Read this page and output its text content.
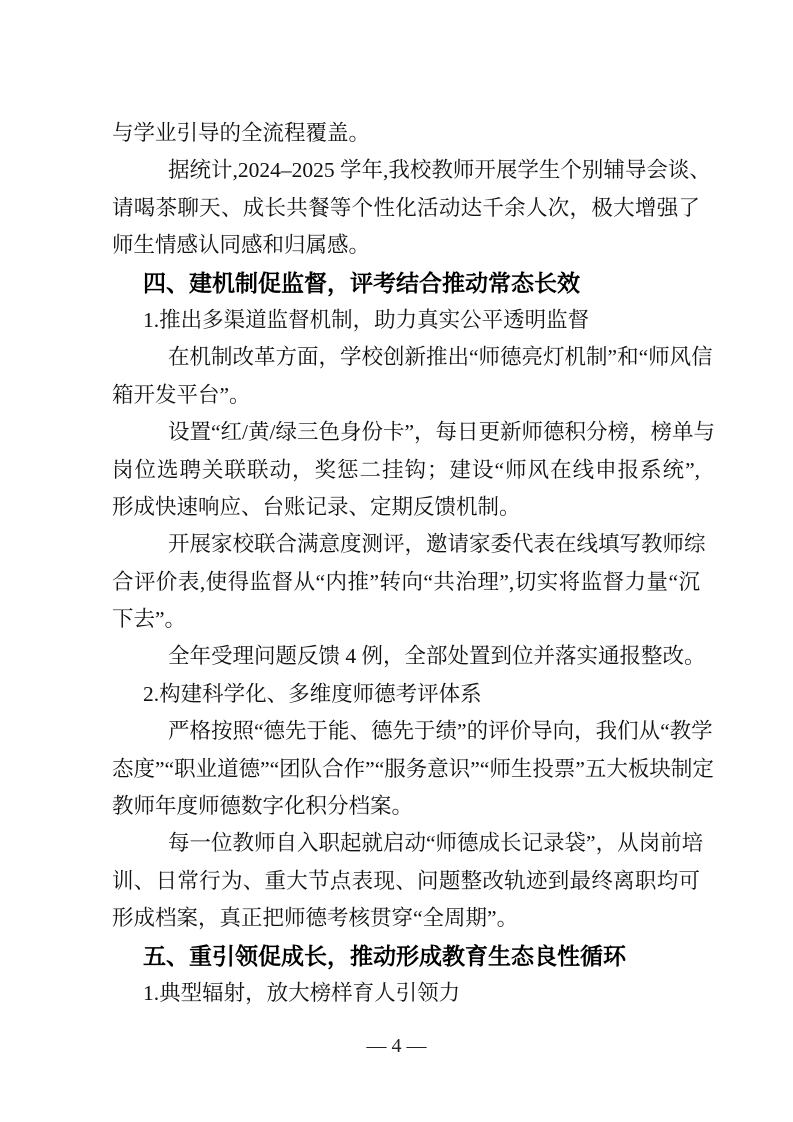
与学业引导的全流程覆盖。
据统计,2024–2025 学年,我校教师开展学生个别辅导会谈、
请喝茶聊天、成长共餐等个性化活动达千余人次，极大增强了
师生情感认同感和归属感。
四、建机制促监督，评考结合推动常态长效
1.推出多渠道监督机制，助力真实公平透明监督
在机制改革方面，学校创新推出“师德亮灯机制”和“师风信
箱开发平台”。
设置“红/黄/绿三色身份卡”，每日更新师德积分榜，榜单与
岗位选聘关联联动，奖惩二挂钩；建设“师风在线申报系统”,
形成快速响应、台账记录、定期反馈机制。
开展家校联合满意度测评，邀请家委代表在线填写教师综
合评价表,使得监督从“内推”转向“共治理”,切实将监督力量“沉
下去”。
全年受理问题反馈 4 例，全部处置到位并落实通报整改。
2.构建科学化、多维度师德考评体系
严格按照“德先于能、德先于绩”的评价导向，我们从“教学
态度”“职业道德”“团队合作”“服务意识”“师生投票”五大板块制定
教师年度师德数字化积分档案。
每一位教师自入职起就启动“师德成长记录袋”，从岗前培
训、日常行为、重大节点表现、问题整改轨迹到最终离职均可
形成档案，真正把师德考核贯穿“全周期”。
五、重引领促成长，推动形成教育生态良性循环
1.典型辐射，放大榜样育人引领力
— 4 —
